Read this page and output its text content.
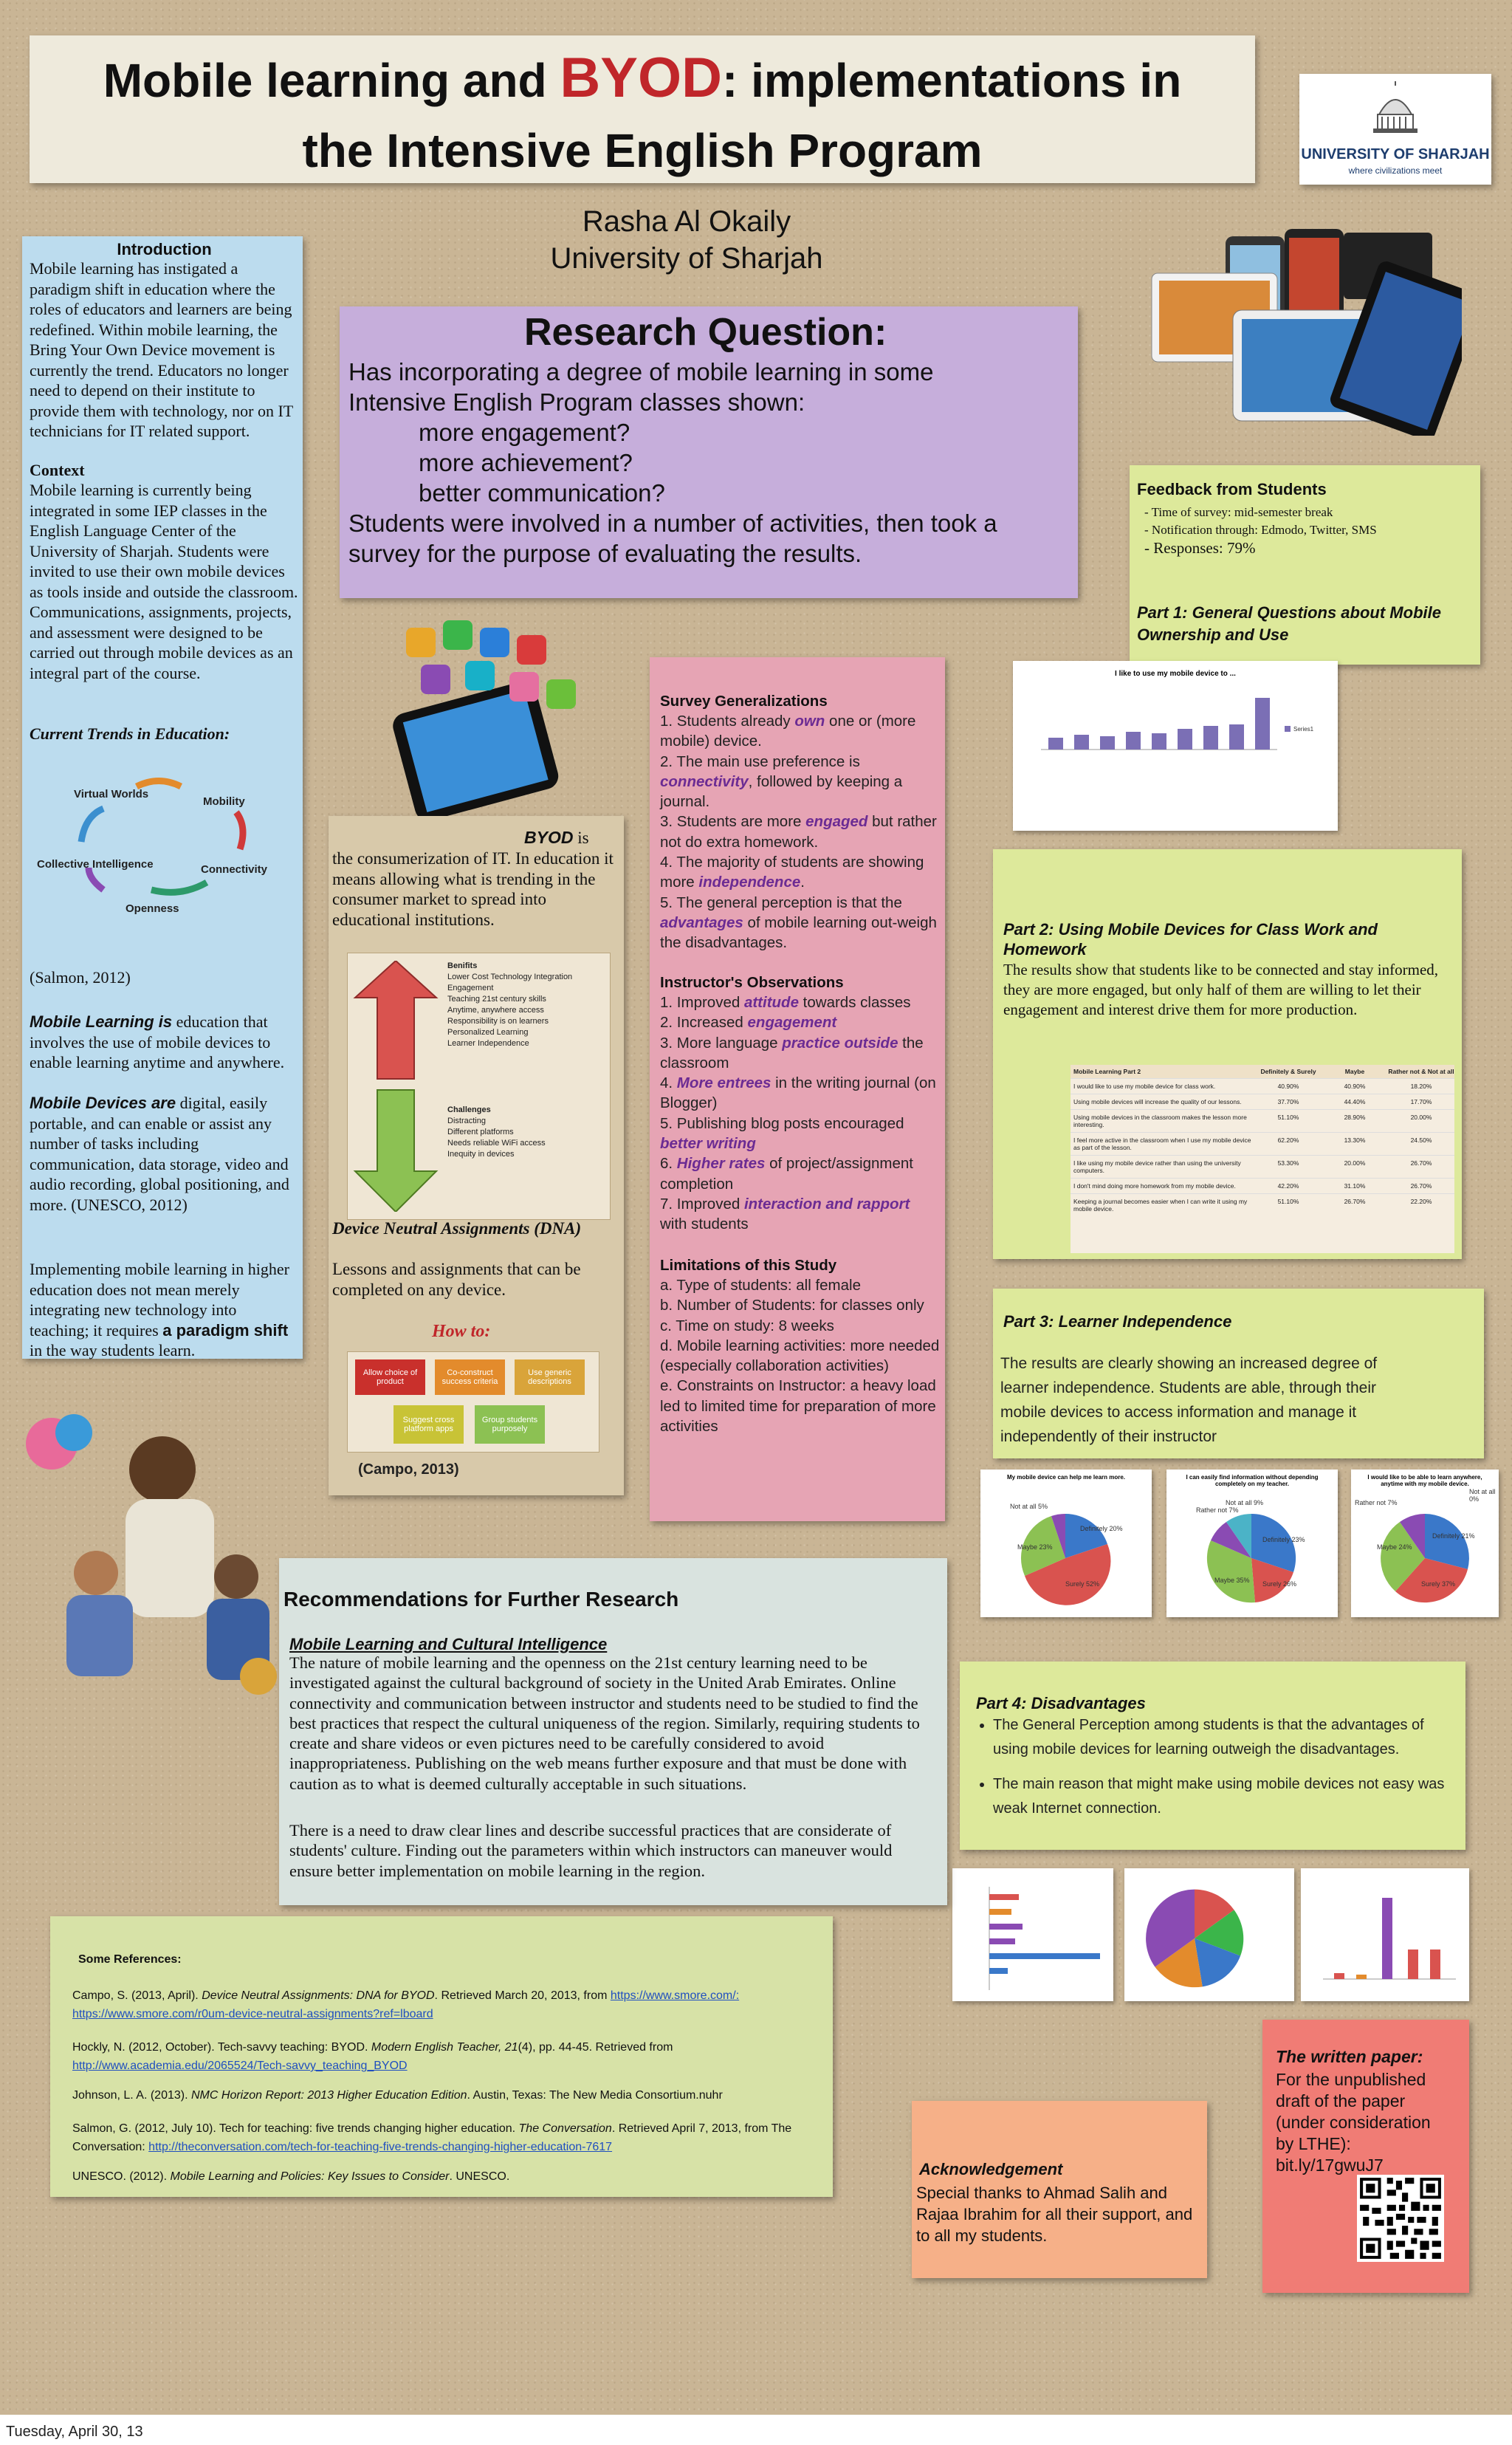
Mobile learning and BYOD: implementations in
the Intensive English Program	UNIVERSITY OF SHARJAH
where civilizations meet
Rasha Al Okaily
University of Sharjah
Introduction
Mobile learning has instigated a paradigm shift in education where the roles of educators and learners are being redefined. Within mobile learning, the Bring Your Own Device movement is currently the trend. Educators no longer need to depend on their institute to provide them with technology, nor on IT technicians for IT related support.
Context
Mobile learning is currently being integrated in some IEP classes in the English Language Center of the University of Sharjah. Students were invited to use their own mobile devices as tools inside and outside the classroom. Communications, assignments, projects, and assessment were designed to be carried out through mobile devices as an integral part of the course.
Current Trends in Education:
Mobility
Connectivity
Openness
Collective Intelligence
Virtual Worlds
(Salmon, 2012)
Mobile Learning is education that involves the use of mobile devices to enable learning anytime and anywhere.
Mobile Devices are digital, easily portable, and can enable or assist any number of tasks including communication, data storage, video and audio recording, global positioning, and more. (UNESCO, 2012)
Implementing mobile learning in higher education does not mean merely integrating new technology into teaching; it requires a paradigm shift in the way students learn.
Research Question:
Has incorporating a degree of mobile learning in some
Intensive English Program classes shown:
more engagement?
more achievement?
better communication?
Students were involved in a number of activities, then took a
survey for the purpose of evaluating the results.
BYOD is
the consumerization of IT. In education it means allowing what is trending in the consumer market to spread into educational institutions.
Benifits
Lower Cost Technology Integration
Engagement
Teaching 21st century skills
Anytime, anywhere access
Responsibility is on learners
Personalized Learning
Learner Independence
Challenges
Distracting
Different platforms
Needs reliable WiFi access
Inequity in devices
Device Neutral Assignments (DNA)
Lessons and assignments that can be completed on any device.
How to:
Allow choice of product
Co-construct success criteria
Use generic descriptions
Suggest cross platform apps
Group students purposely
(Campo, 2013)
Survey Generalizations
1. Students already own one or (more mobile) device.
2. The main use preference is connectivity, followed by keeping a journal.
3. Students are more engaged but rather not do extra homework.
4. The majority of students are showing more independence.
5. The general perception is that the advantages of mobile learning out-weigh the disadvantages.
Instructor's Observations
1. Improved attitude towards classes
2. Increased engagement
3. More language practice outside the classroom
4. More entrees in the writing journal (on Blogger)
5. Publishing blog posts encouraged better writing
6. Higher rates of project/assignment completion
7. Improved interaction and rapport with students
Limitations of this Study
a. Type of students: all female
b. Number of Students: for classes only
c. Time on study: 8 weeks
d. Mobile learning activities: more needed (especially collaboration activities)
e. Constraints on Instructor: a heavy load led to limited time for preparation of more activities
Feedback from Students
- Time of survey: mid-semester break
- Notification through: Edmodo, Twitter, SMS
- Responses: 79%
Part 1: General Questions about Mobile Ownership and Use
I like to use my mobile device to ...
Series1
Part 2: Using Mobile Devices for Class Work and Homework
The results show that students like to be connected and stay informed, they are more engaged, but only half of them are willing to let their engagement and interest drive them for more production.
Mobile Learning Part 2	Definitely & Surely	Maybe	Rather not & Not at all
I would like to use my mobile device for class work.	40.90%	40.90%	18.20%
Using mobile devices will increase the quality of our lessons.	37.70%	44.40%	17.70%
Using mobile devices in the classroom makes the lesson more interesting.
51.10%	28.90%	20.00%
I feel more active in the classroom when I use my mobile device as part of the lesson.
62.20%	13.30%	24.50%
I like using my mobile device rather than using the university computers.
53.30%	20.00%	26.70%
I don't mind doing more homework from my mobile device.	42.20%	31.10%	26.70%
Keeping a journal becomes easier when I can write it using my mobile device.
51.10%	26.70%	22.20%
Part 3: Learner Independence
The results are clearly showing an increased degree of learner independence. Students are able, through their mobile devices to access information and manage it independently of their instructor
My mobile device can help me learn more.
Definitely 20%
Surely 52%
Maybe 23%
Not at all 5%
I can easily find information without depending completely on my teacher.
Definitely 23%
Surely 26%
Maybe 35%
Rather not 7%
Not at all 9%
I would like to be able to learn anywhere, anytime with my mobile device.
Definitely 21%
Surely 37%
Maybe 24%
Rather not 7%
Not at all 0%
Part 4: Disadvantages
• The General Perception among students is that the advantages of using mobile devices for learning outweigh the disadvantages.
• The main reason that might make using mobile devices not easy was weak Internet connection.
Recommendations for Further Research
Mobile Learning and Cultural Intelligence
The nature of mobile learning and the openness on the 21st century learning need to be investigated against the cultural background of society in the United Arab Emirates. Online connectivity and communication between instructor and students need to be studied to find the best practices that respect the cultural uniqueness of the region. Similarly, requiring students to create and share videos or even pictures need to be carefully considered to avoid inappropriateness. Publishing on the web means further exposure and that must be done with caution as to what is deemed culturally acceptable in such situations.
There is a need to draw clear lines and describe successful practices that are considerate of students' culture. Finding out the parameters within which instructors can maneuver would ensure better implementation on mobile learning in the region.
Some References:
Campo, S. (2013, April). Device Neutral Assignments: DNA for BYOD. Retrieved March 20, 2013, from https://www.smore.com/: https://www.smore.com/r0um-device-neutral-assignments?ref=lboard
Hockly, N. (2012, October). Tech-savvy teaching: BYOD. Modern English Teacher, 21(4), pp. 44-45. Retrieved from http://www.academia.edu/2065524/Tech-savvy_teaching_BYOD
Johnson, L. A. (2013). NMC Horizon Report: 2013 Higher Education Edition. Austin, Texas: The New Media Consortium.nuhr
Salmon, G. (2012, July 10). Tech for teaching: five trends changing higher education. The Conversation. Retrieved April 7, 2013, from The Conversation: http://theconversation.com/tech-for-teaching-five-trends-changing-higher-education-7617
UNESCO. (2012). Mobile Learning and Policies: Key Issues to Consider. UNESCO.	Acknowledgement
Special thanks to Ahmad Salih and Rajaa Ibrahim for all their support, and to all my students.
The written paper:
For the unpublished draft of the paper (under consideration by LTHE): bit.ly/17gwuJ7
Tuesday, April 30, 13
